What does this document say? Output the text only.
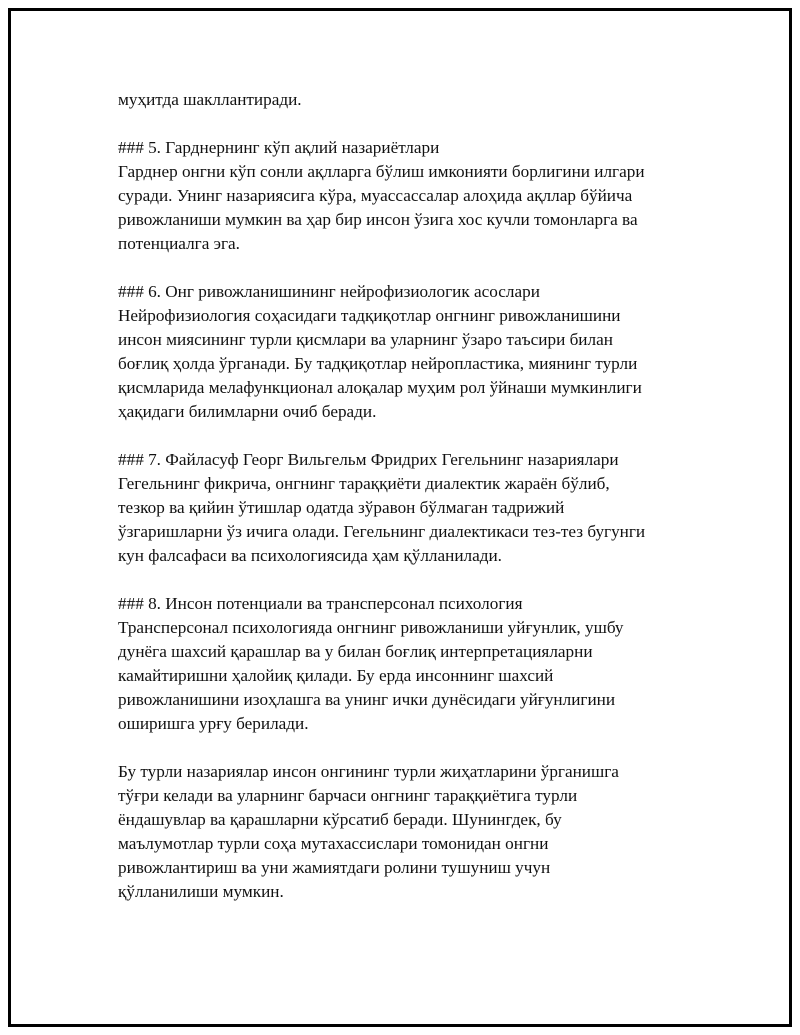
муҳитда шакллантиради.

### 5. Гарднернинг кўп ақлий назариётлари

Гарднер онгни кўп сонли ақлларга бўлиш имконияти борлигини илгари
суради. Унинг назариясига кўра, муассассалар алоҳида ақллар бўйича
ривожланиши мумкин ва ҳар бир инсон ўзига хос кучли томонларга ва
потенциалга эга.

### 6. Онг ривожланишининг нейрофизиологик асослари

Нейрофизиология соҳасидаги тадқиқотлар онгнинг ривожланишини
инсон миясининг турли қисмлари ва уларнинг ўзаро таъсири билан
боғлиқ ҳолда ўрганади. Бу тадқиқотлар нейропластика, миянинг турли
қисмларида мелафункционал алоқалар муҳим рол ўйнаши мумкинлиги
ҳақидаги билимларни очиб беради.

### 7. Файласуф Георг Вильгельм Фридрих Гегельнинг назариялари

Гегельнинг фикрича, онгнинг тараққиёти диалектик жараён бўлиб,
тезкор ва қийин ўтишлар одатда зўравон бўлмаган тадрижий
ўзгаришларни ўз ичига олади. Гегельнинг диалектикаси тез-тез бугунги
кун фалсафаси ва психологиясида ҳам қўлланилади.

### 8. Инсон потенциали ва трансперсонал психология

Трансперсонал психологияда онгнинг ривожланиши уйғунлик, ушбу
дунёга шахсий қарашлар ва у билан боғлиқ интерпретацияларни
камайтиришни ҳалойиқ қилади. Бу ерда инсоннинг шахсий
ривожланишини изоҳлашга ва унинг ички дунёсидаги уйғунлигини
оширишга урғу берилади.

Бу турли назариялар инсон онгининг турли жиҳатларини ўрганишга
тўғри келади ва уларнинг барчаси онгнинг тараққиётига турли
ёндашувлар ва қарашларни кўрсатиб беради. Шунингдек, бу
маълумотлар турли соҳа мутахассислари томонидан онгни
ривожлантириш ва уни жамиятдаги ролини тушуниш учун
қўлланилиши мумкин.
